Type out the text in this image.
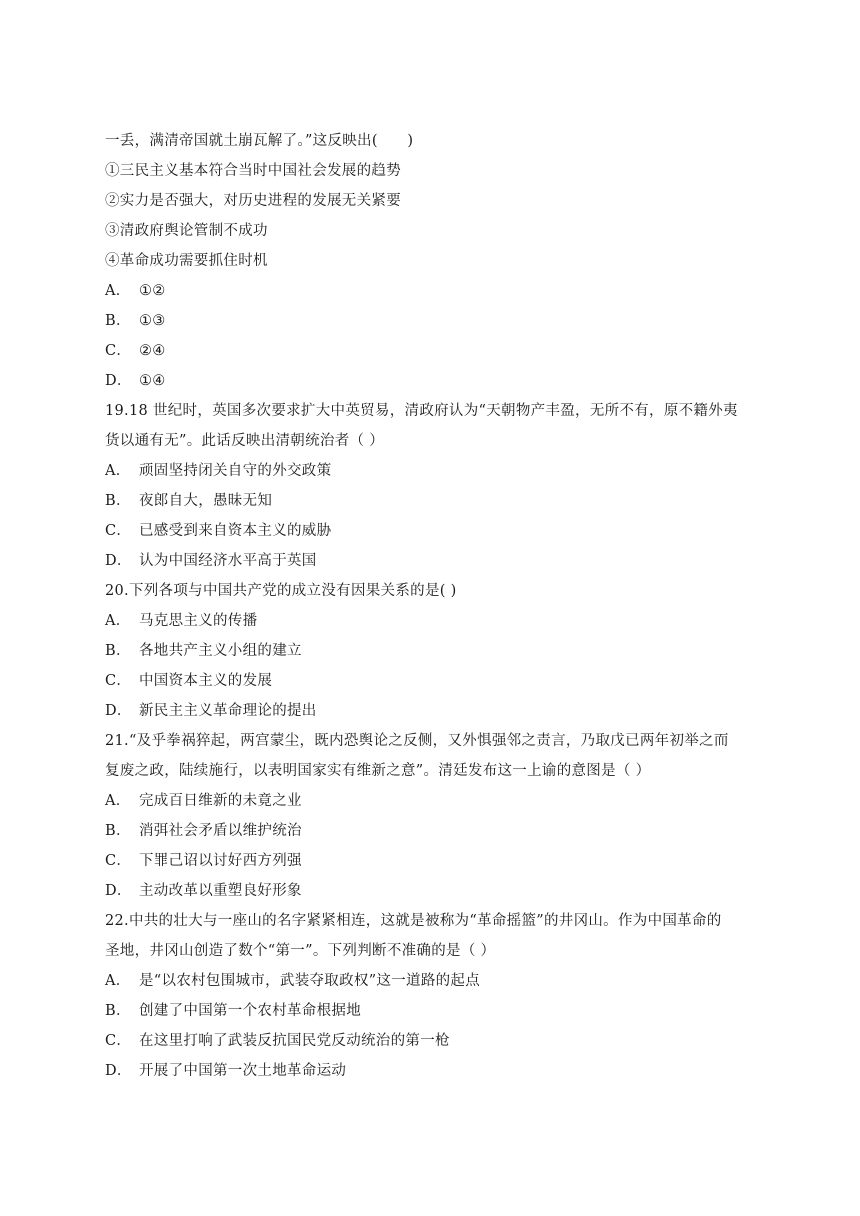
一丢，满清帝国就土崩瓦解了。”这反映出(　　)
①三民主义基本符合当时中国社会发展的趋势
②实力是否强大，对历史进程的发展无关紧要
③清政府舆论管制不成功
④革命成功需要抓住时机
A． ①②
B． ①③
C． ②④
D． ①④
19.18 世纪时，英国多次要求扩大中英贸易，清政府认为“天朝物产丰盈，无所不有，原不籍外夷
货以通有无”。此话反映出清朝统治者（ ）
A． 顽固坚持闭关自守的外交政策
B． 夜郎自大，愚昧无知
C． 已感受到来自资本主义的威胁
D． 认为中国经济水平高于英国
20.下列各项与中国共产党的成立没有因果关系的是( )
A． 马克思主义的传播
B． 各地共产主义小组的建立
C． 中国资本主义的发展
D． 新民主主义革命理论的提出
21.“及乎拳祸猝起，两宫蒙尘，既内恐舆论之反侧，又外惧强邻之责言，乃取戊已两年初举之而
复废之政，陆续施行，以表明国家实有维新之意”。清廷发布这一上谕的意图是（ ）
A． 完成百日维新的未竟之业
B． 消弭社会矛盾以维护统治
C． 下罪己诏以讨好西方列强
D． 主动改革以重塑良好形象
22.中共的壮大与一座山的名字紧紧相连，这就是被称为“革命摇篮”的井冈山。作为中国革命的
圣地，井冈山创造了数个“第一”。下列判断不准确的是（ ）
A． 是“以农村包围城市，武装夺取政权”这一道路的起点
B． 创建了中国第一个农村革命根据地
C． 在这里打响了武装反抗国民党反动统治的第一枪
D． 开展了中国第一次土地革命运动
